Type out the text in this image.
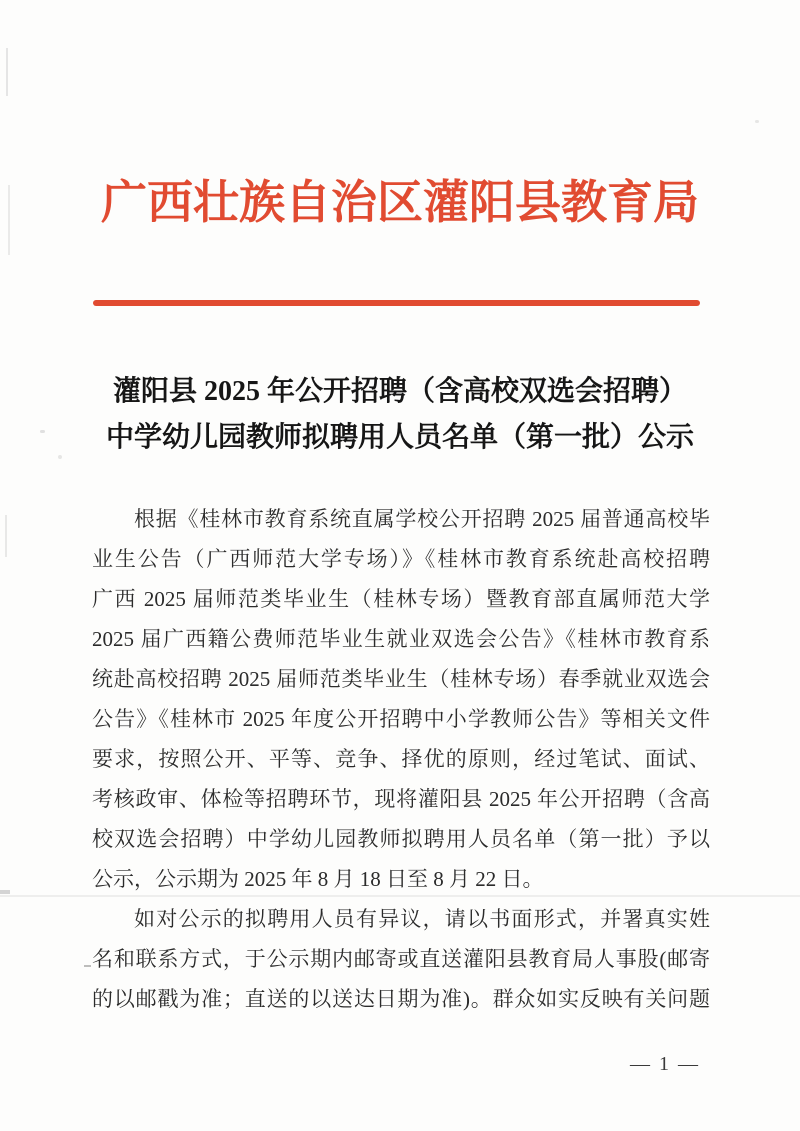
广西壮族自治区灌阳县教育局
灌阳县 2025 年公开招聘（含高校双选会招聘）
中学幼儿园教师拟聘用人员名单（第一批）公示
根据《桂林市教育系统直属学校公开招聘 2025 届普通高校毕
业生公告（广西师范大学专场）》《桂林市教育系统赴高校招聘
广西 2025 届师范类毕业生（桂林专场）暨教育部直属师范大学
2025 届广西籍公费师范毕业生就业双选会公告》《桂林市教育系
统赴高校招聘 2025 届师范类毕业生（桂林专场）春季就业双选会
公告》《桂林市 2025 年度公开招聘中小学教师公告》等相关文件
要求，按照公开、平等、竞争、择优的原则，经过笔试、面试、
考核政审、体检等招聘环节，现将灌阳县 2025 年公开招聘（含高
校双选会招聘）中学幼儿园教师拟聘用人员名单（第一批）予以
公示，公示期为 2025 年 8 月 18 日至 8 月 22 日。
如对公示的拟聘用人员有异议，请以书面形式，并署真实姓
名和联系方式，于公示期内邮寄或直送灌阳县教育局人事股(邮寄
的以邮戳为准；直送的以送达日期为准)。群众如实反映有关问题
— 1 —
